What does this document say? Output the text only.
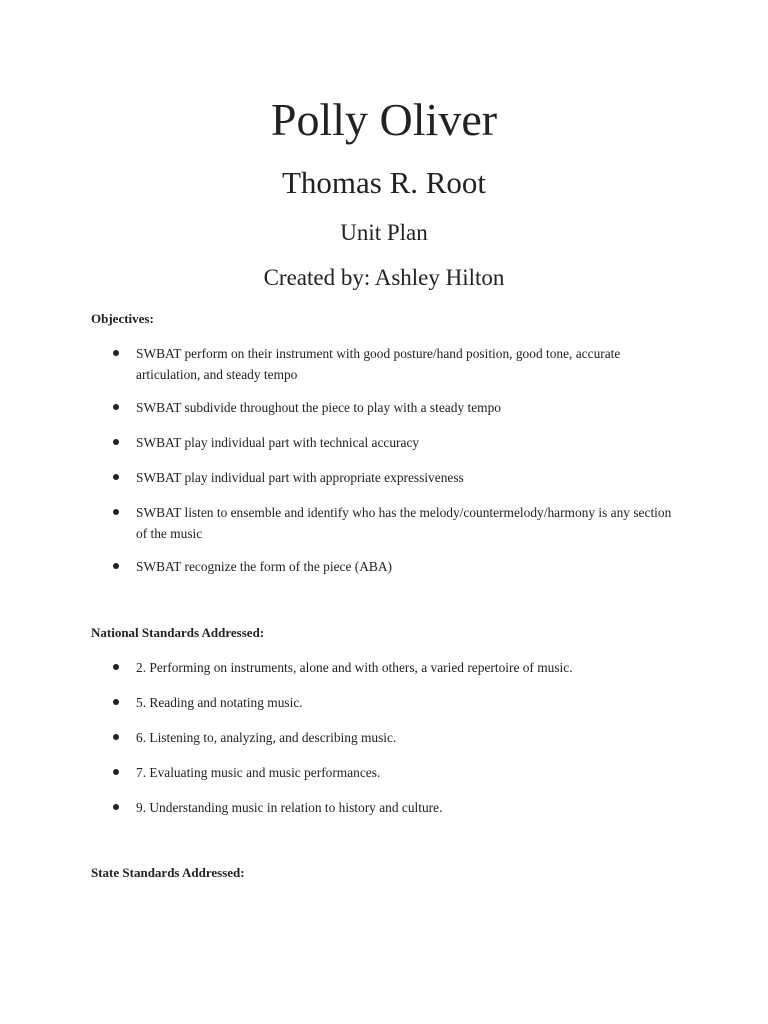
Polly Oliver
Thomas R. Root
Unit Plan
Created by: Ashley Hilton
Objectives:
SWBAT perform on their instrument with good posture/hand position, good tone, accurate articulation, and steady tempo
SWBAT subdivide throughout the piece to play with a steady tempo
SWBAT play individual part with technical accuracy
SWBAT play individual part with appropriate expressiveness
SWBAT listen to ensemble and identify who has the melody/countermelody/harmony is any section of the music
SWBAT recognize the form of the piece (ABA)
National Standards Addressed:
2. Performing on instruments, alone and with others, a varied repertoire of music.
5. Reading and notating music.
6. Listening to, analyzing, and describing music.
7. Evaluating music and music performances.
9. Understanding music in relation to history and culture.
State Standards Addressed:
